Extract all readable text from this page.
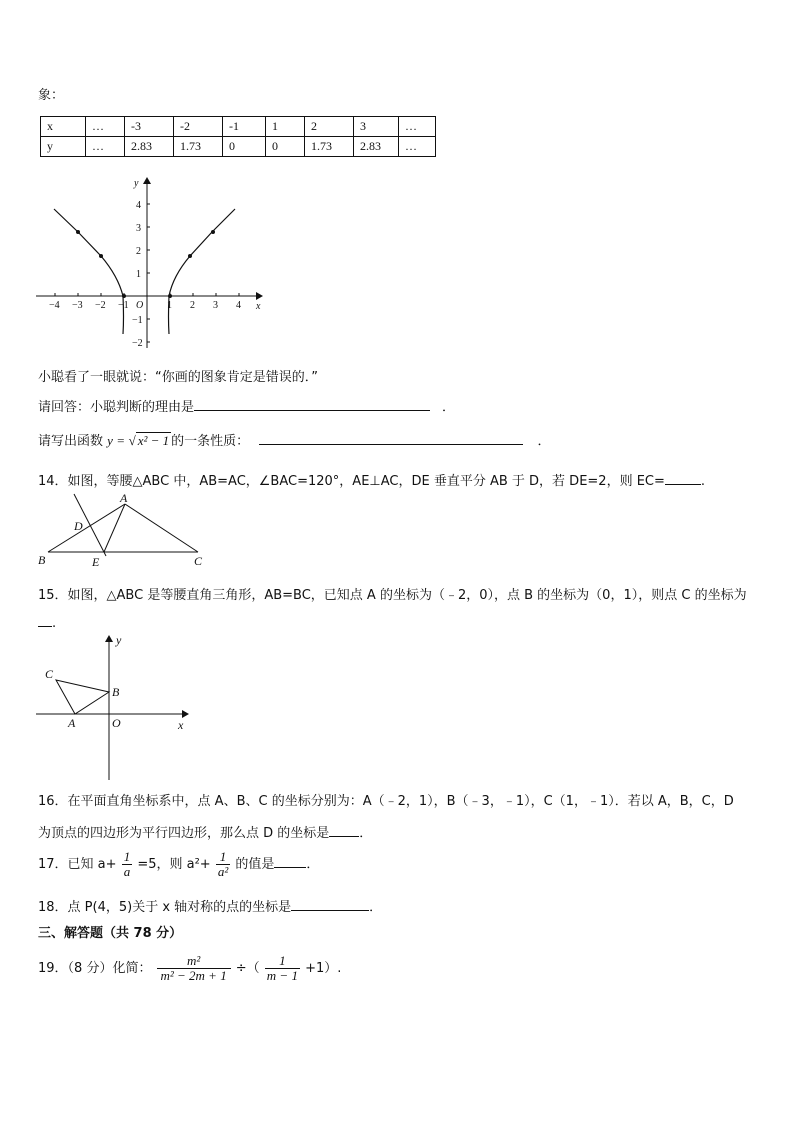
象：
x	…	-3	-2	-1	1	2	3	…
y	…	2.83	1.73	0	0	1.73	2.83	…
−4 −3 −2 −1	1 2 3 4
4
3
2
1
−1
−2
O	x
y
小聪看了一眼就说：“你画的图象肯定是错误的．”
请回答：小聪判断的理由是	．
请写出函数 y = √ x² − 1 的一条性质：	．
14．如图，等腰△ABC 中，AB=AC，∠BAC=120°，AE⊥AC，DE 垂直平分 AB 于 D，若 DE=2，则 EC=	.
A
B	C
D
E
15．如图，△ABC 是等腰直角三角形，AB=BC，已知点 A 的坐标为（﹣2，0），点 B 的坐标为（0，1），则点 C 的坐标为
.
C
B
A	O	x
y
16．在平面直角坐标系中，点 A、B、C 的坐标分别为：A（﹣2，1），B（﹣3，﹣1），C（1，﹣1）．若以 A，B，C，D
为顶点的四边形为平行四边形，那么点 D 的坐标是 ．
17．已知 $a+ \frac{1}{a} =5$，则 $a^2+ \frac{1}{\text{a²}}$ 的值是 ．
18．点 P(4，5)关于 x 轴对称的点的坐标是	．
三、解答题（共 78 分）
19．（8 分）化简： $\frac{\text{m²}}{\text{m² − 2m + 1}}$ ÷（ $\frac{1}{m - 1} +1$）.
